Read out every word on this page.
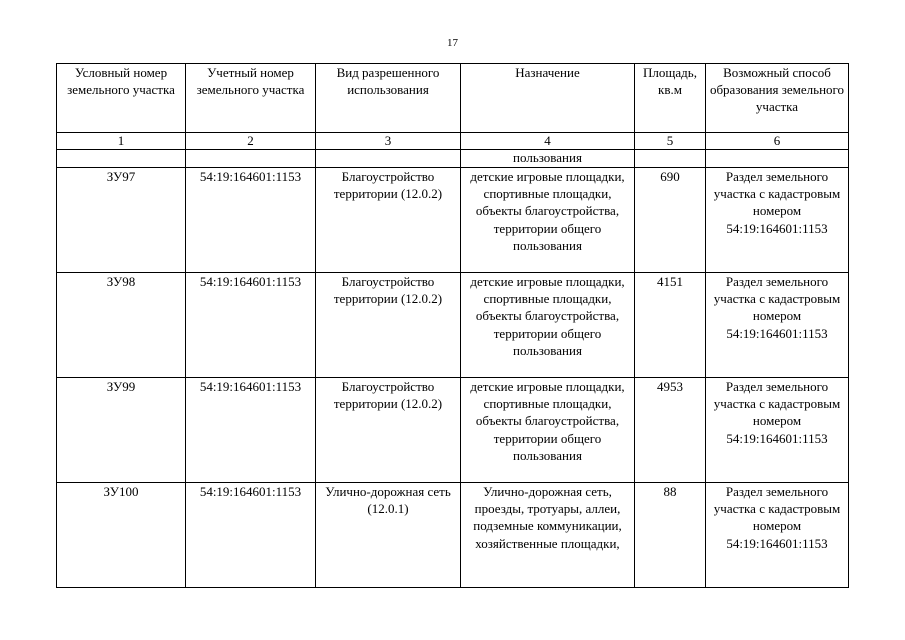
17
Условный номер земельного участка	Учетный номер земельного участка	Вид разрешенного использования	Назначение	Площадь, кв.м	Возможный способ образования земельного участка
1	2	3	4	5	6
			пользования		
ЗУ97	54:19:164601:1153	Благоустройство территории (12.0.2)	детские игровые площадки, спортивные площадки, объекты благоустройства, территории общего пользования	690	Раздел земельного участка с кадастровым номером 54:19:164601:1153
ЗУ98	54:19:164601:1153	Благоустройство территории (12.0.2)	детские игровые площадки, спортивные площадки, объекты благоустройства, территории общего пользования	4151	Раздел земельного участка с кадастровым номером 54:19:164601:1153
ЗУ99	54:19:164601:1153	Благоустройство территории (12.0.2)	детские игровые площадки, спортивные площадки, объекты благоустройства, территории общего пользования	4953	Раздел земельного участка с кадастровым номером 54:19:164601:1153
ЗУ100	54:19:164601:1153	Улично-дорожная сеть (12.0.1)	Улично-дорожная сеть, проезды, тротуары, аллеи, подземные коммуникации, хозяйственные площадки,	88	Раздел земельного участка с кадастровым номером 54:19:164601:1153
